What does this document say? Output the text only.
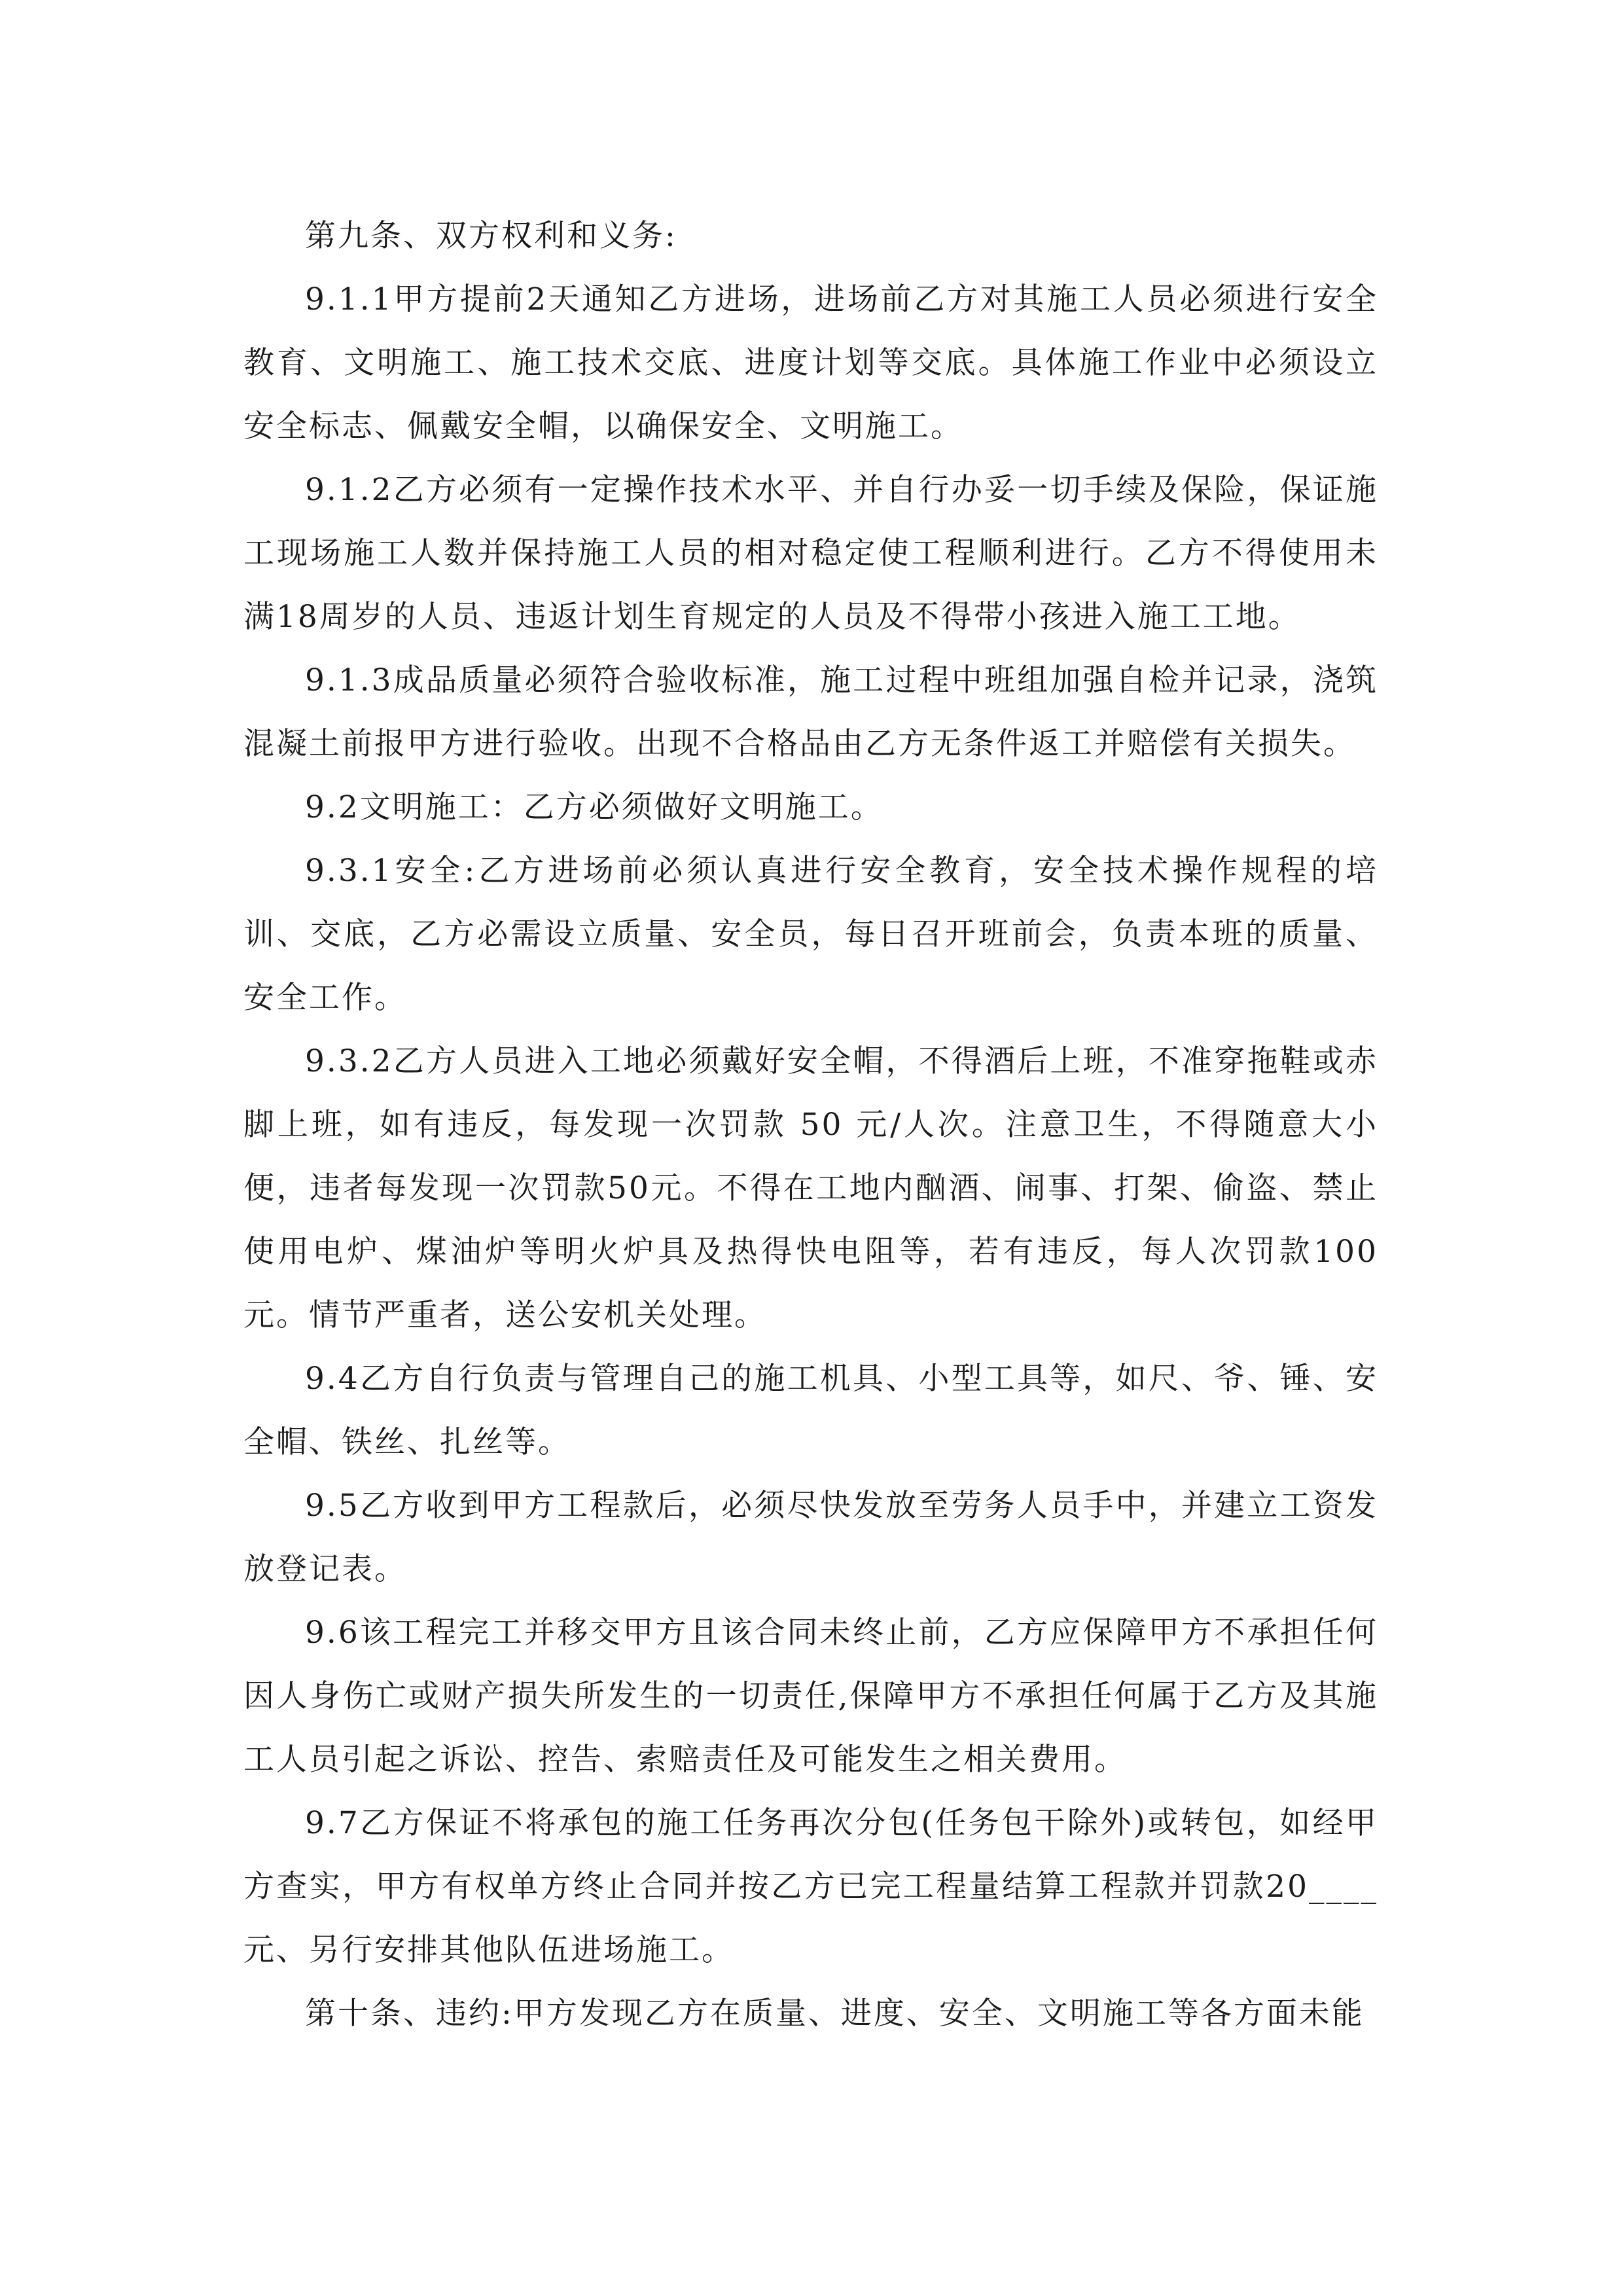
第九条、双方权利和义务:

9.1.1甲方提前2天通知乙方进场，进场前乙方对其施工人员必须进行安全教育、文明施工、施工技术交底、进度计划等交底。具体施工作业中必须设立安全标志、佩戴安全帽，以确保安全、文明施工。

9.1.2乙方必须有一定操作技术水平、并自行办妥一切手续及保险，保证施工现场施工人数并保持施工人员的相对稳定使工程顺利进行。乙方不得使用未满18周岁的人员、违返计划生育规定的人员及不得带小孩进入施工工地。

9.1.3成品质量必须符合验收标准，施工过程中班组加强自检并记录，浇筑混凝土前报甲方进行验收。出现不合格品由乙方无条件返工并赔偿有关损失。

9.2文明施工：乙方必须做好文明施工。

9.3.1安全:乙方进场前必须认真进行安全教育，安全技术操作规程的培训、交底，乙方必需设立质量、安全员，每日召开班前会，负责本班的质量、安全工作。

9.3.2乙方人员进入工地必须戴好安全帽，不得酒后上班，不准穿拖鞋或赤脚上班，如有违反，每发现一次罚款 50 元/人次。注意卫生，不得随意大小便，违者每发现一次罚款50元。不得在工地内酗酒、闹事、打架、偷盗、禁止使用电炉、煤油炉等明火炉具及热得快电阻等，若有违反，每人次罚款100元。情节严重者，送公安机关处理。

9.4乙方自行负责与管理自己的施工机具、小型工具等，如尺、爷、锤、安全帽、铁丝、扎丝等。

9.5乙方收到甲方工程款后，必须尽快发放至劳务人员手中，并建立工资发放登记表。

9.6该工程完工并移交甲方且该合同未终止前，乙方应保障甲方不承担任何因人身伤亡或财产损失所发生的一切责任,保障甲方不承担任何属于乙方及其施工人员引起之诉讼、控告、索赔责任及可能发生之相关费用。

9.7乙方保证不将承包的施工任务再次分包(任务包干除外)或转包，如经甲方查实，甲方有权单方终止合同并按乙方已完工程量结算工程款并罚款20____元、另行安排其他队伍进场施工。

第十条、违约:甲方发现乙方在质量、进度、安全、文明施工等各方面未能
